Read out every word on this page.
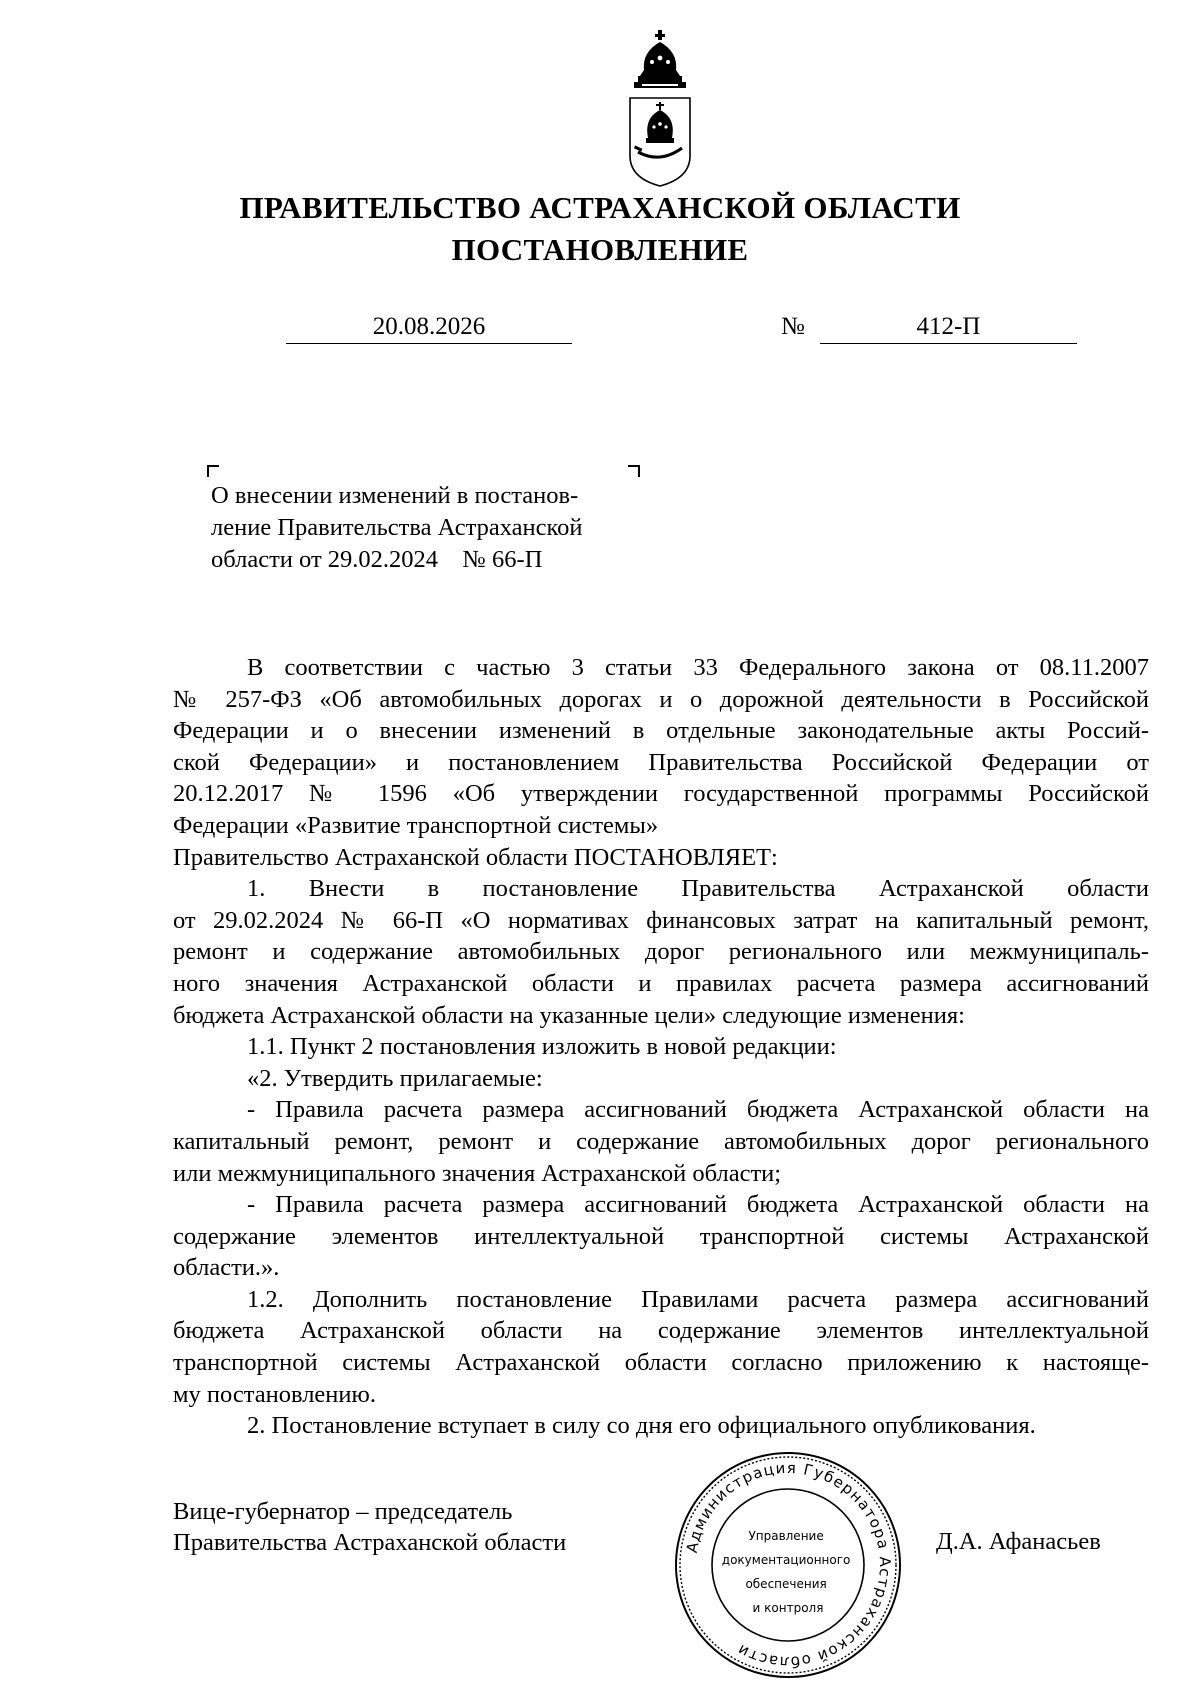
ПРАВИТЕЛЬСТВО АСТРАХАНСКОЙ ОБЛАСТИ
ПОСТАНОВЛЕНИЕ
20.08.2026	№	412-П
О внесении изменений в постанов-
ление Правительства Астраханской
области от 29.02.2024    № 66-П
В соответствии с частью 3 статьи 33 Федерального закона от 08.11.2007
№ 257-ФЗ «Об автомобильных дорогах и о дорожной деятельности в Российской
Федерации и о внесении изменений в отдельные законодательные акты Россий-
ской Федерации» и постановлением Правительства Российской Федерации от
20.12.2017 № 1596 «Об утверждении государственной программы Российской
Федерации «Развитие транспортной системы»
Правительство Астраханской области ПОСТАНОВЛЯЕТ:
1. Внести в постановление Правительства Астраханской области
от 29.02.2024 № 66-П «О нормативах финансовых затрат на капитальный ремонт,
ремонт и содержание автомобильных дорог регионального или межмуниципаль-
ного значения Астраханской области и правилах расчета размера ассигнований
бюджета Астраханской области на указанные цели» следующие изменения:
1.1. Пункт 2 постановления изложить в новой редакции:
«2. Утвердить прилагаемые:
- Правила расчета размера ассигнований бюджета Астраханской области на
капитальный ремонт, ремонт и содержание автомобильных дорог регионального
или межмуниципального значения Астраханской области;
- Правила расчета размера ассигнований бюджета Астраханской области на
содержание элементов интеллектуальной транспортной системы Астраханской
области.».
1.2. Дополнить постановление Правилами расчета размера ассигнований
бюджета Астраханской области на содержание элементов интеллектуальной
транспортной системы Астраханской области согласно приложению к настояще-
му постановлению.
2. Постановление вступает в силу со дня его официального опубликования.
Вице-губернатор – председатель
Правительства Астраханской области	Д.А. Афанасьев
Администрация Губернатора Астраханской области
Управление документационного обеспечения и контроля
